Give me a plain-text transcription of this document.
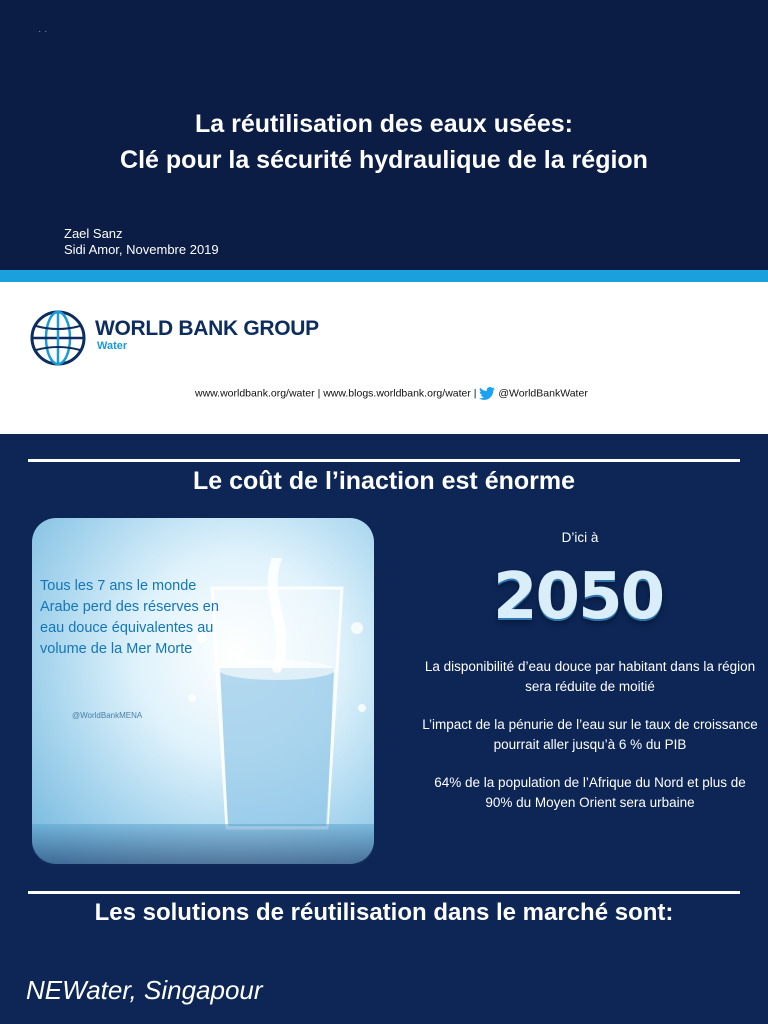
· ·
La réutilisation des eaux usées:
Clé pour la sécurité hydraulique de la région
Zael Sanz
Sidi Amor, Novembre 2019
WORLD BANK GROUP
Water
www.worldbank.org/water | www.blogs.worldbank.org/water | @WorldBankWater
Le coût de l’inaction est énorme
Tous les 7 ans le monde Arabe perd des réserves en eau douce équivalentes au volume de la Mer Morte
@WorldBankMENA
D’ici à
2050
La disponibilité d’eau douce par habitant dans la région sera réduite de moitié
L’impact de la pénurie de l’eau sur le taux de croissance pourrait aller jusqu’à 6 % du PIB
64% de la population de l’Afrique du Nord et plus de 90% du Moyen Orient sera urbaine
Les solutions de réutilisation dans le marché sont:
NEWater, Singapour
